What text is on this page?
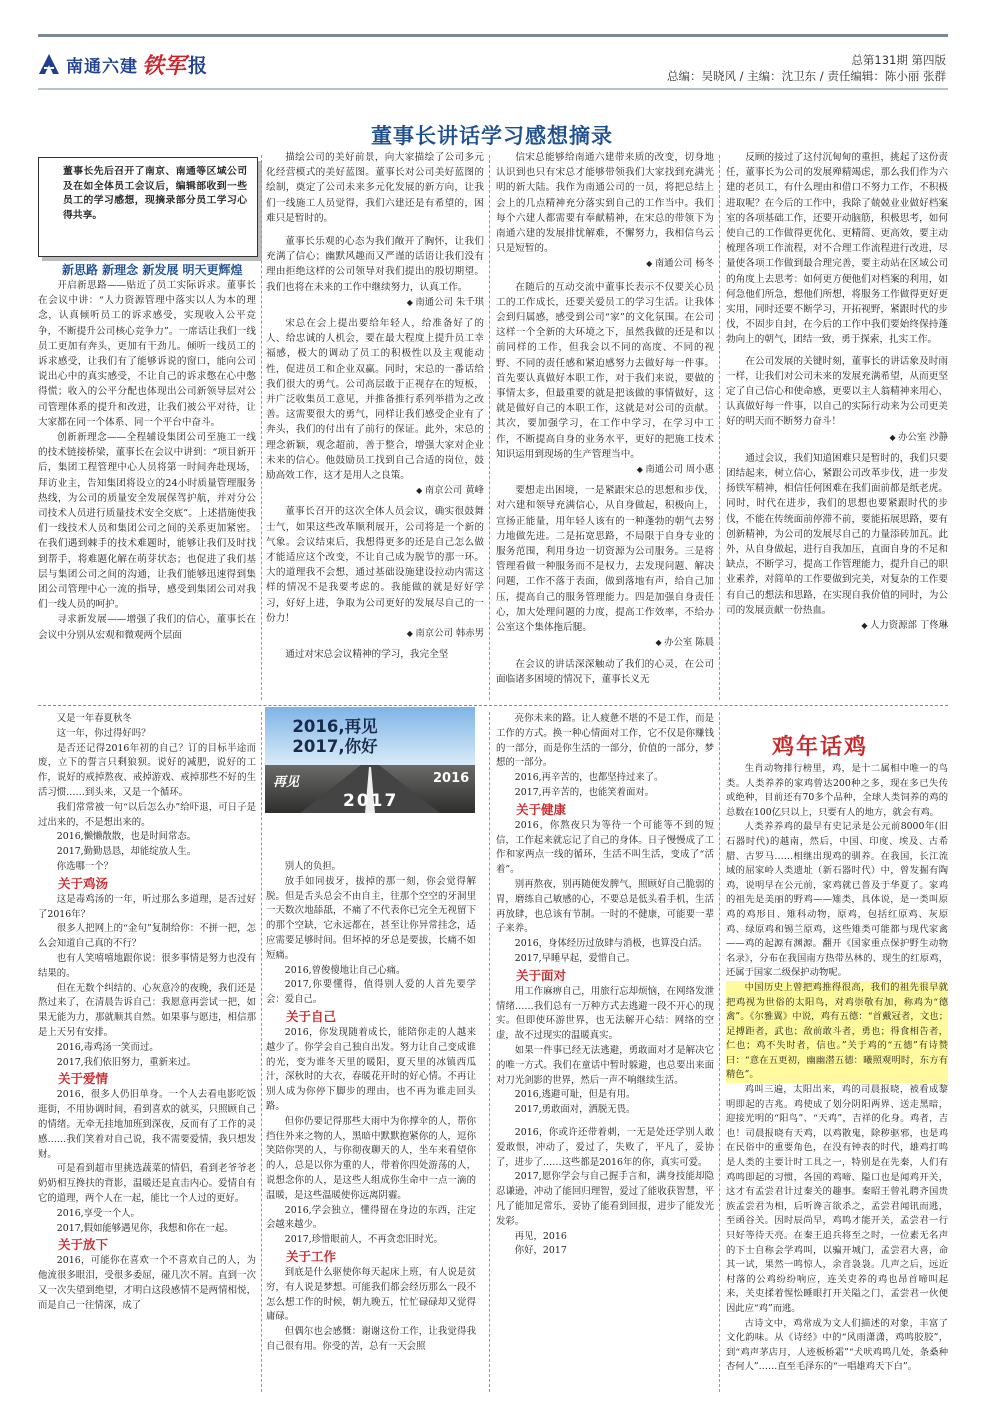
南通六建 铁军 报	总第131期 第四版
总编：吴晓风 / 主编：沈卫东 / 责任编辑：陈小丽 张群
董事长讲话学习感想摘录
董事长先后召开了南京、南通等区域公司及在如全体员工会议后，编辑部收到一些员工的学习感想，现摘录部分员工学习心得共享。

新思路 新理念 新发展 明天更辉煌

开启新思路——贴近了员工实际诉求。董事长在会议中讲：“人力资源管理中落实以人为本的理念，认真倾听员工的诉求感受，实现收入公平竞争，不断提升公司核心竞争力”。一席话让我们一线员工更加有奔头，更加有干劲儿。倾听一线员工的诉求感受，让我们有了能够诉说的窗口，能向公司说出心中的真实感受，不让自己的诉求憋在心中憋得慌；收入的公平分配也体现出公司新领导层对公司管理体系的提升和改进，让我们被公平对待，让大家都在同一个体系、同一个平台中奋斗。

创新新理念——全程辅设集团公司至施工一线的技术链接桥梁，董事长在会议中讲到：“项目新开后，集团工程管理中心人员将第一时间奔赴现场，拜访业主，告知集团将设立的24小时质量管理服务热线，为公司的质量安全发展保驾护航，并对分公司技术人员进行质量技术安全交底”。上述措施使我们一线技术人员和集团公司之间的关系更加紧密。在我们遇到棘手的技术难题时，能够让我们及时找到帮手，将难题化解在萌芽状态；也促进了我们基层与集团公司之间的沟通，让我们能够迅速得到集团公司管理中心一流的指导，感受到集团公司对我们一线人员的呵护。

寻求新发展——增强了我们的信心，董事长在会议中分别从宏观和微观两个层面

描绘公司的美好前景，向大家描绘了公司多元化经营模式的美好蓝图。董事长对公司美好蓝图的绘制，奠定了公司未来多元化发展的新方向，让我们一线施工人员觉得，我们六建还是有希望的，困难只是暂时的。

董事长乐观的心态为我们敞开了胸怀，让我们充满了信心；幽默风趣而又严谨的话语让我们没有理由拒绝这样的公司领导对我们提出的殷切期望。我们也将在未来的工作中继续努力，认真工作。

◆ 南通公司 朱千琪

宋总在会上提出要给年轻人，给准备好了的人、给忠诚的人机会，要在最大程度上提升员工幸福感，极大的调动了员工的积极性以及主观能动性，促进员工和企业双赢。同时，宋总的一番话给我们很大的勇气。公司高层敢于正视存在的短板，并广泛收集员工意见，并推备推行系列举措为之改善。这需要很大的勇气，同样让我们感受企业有了奔头，我们的付出有了前行的保证。此外，宋总的理念新颖，观念超前，善于整合，增强大家对企业未来的信心。他鼓励员工找到自己合适的岗位，鼓励高效工作，这才是用人之良策。

◆ 南京公司 黄峰

董事长召开的这次全体人员会议，确实很鼓舞士气，如果这些改革顺利展开，公司将是一个新的气象。会议结束后，我想得更多的还是自己怎么做才能适应这个改变，不让自己成为脱节的那一环。大的道理我不会想，通过基础设施建设拉动内需这样的情况不是我要考虑的。我能做的就是好好学习，好好上进，争取为公司更好的发展尽自己的一份力！

◆ 南京公司 韩赤男

通过对宋总会议精神的学习，我完全坚

信宋总能够给南通六建带来质的改变，切身地认识到也只有宋总才能够带领我们大家找到充满光明的新大陆。我作为南通公司的一员，将把总结上会上的几点精神充分落实到自己的工作当中。我们每个六建人都需要有奉献精神，在宋总的带领下为南通六建的发展排忧解难，不懈努力，我相信乌云只是短暂的。

◆ 南通公司 杨冬

在随后的互动交流中董事长表示不仅要关心员工的工作成长，还要关爱员工的学习生活。让我体会到归属感，感受到公司“家”的文化氛围。在公司这样一个全新的大环境之下，虽然我做的还是和以前同样的工作，但我会以不同的高度、不同的视野、不同的责任感和紧迫感努力去做好每一件事。首先要认真做好本职工作，对于我们来说，要做的事情太多，但最重要的就是把该做的事情做好，这就是做好自己的本职工作，这就是对公司的贡献。其次，要加强学习，在工作中学习，在学习中工作，不断提高自身的业务水平，更好的把施工技术知识运用到现场的生产管理当中。

◆ 南通公司 周小惠

要想走出困境，一是紧跟宋总的思想和步伐，对六建和领导充满信心，从自身做起，积极向上，宣扬正能量，用年轻人该有的一种蓬勃的朝气去努力地做先进。二是拓宽思路，不局限于自身专业的服务范围，利用身边一切资源为公司服务。三是将管理看做一种服务而不是权力，去发现问题、解决问题，工作不落于表面，做到落地有声，给自己加压，提高自己的服务管理能力。四是加强自身责任心，加大处理问题的力度，提高工作效率，不给办公室这个集体拖后腿。

◆ 办公室 陈晨

在会议的讲话深深触动了我们的心灵，在公司面临诸多困境的情况下，董事长义无

反顾的接过了这付沉甸甸的重担，挑起了这份责任，董事长为公司的发展殚精竭虑，那么我们作为六建的老员工，有什么理由和借口不努力工作，不积极进取呢？在今后的工作中，我除了兢兢业业做好档案室的各项基础工作，还要开动脑筋，积极思考，如何使自己的工作做得更优化、更精简、更高效，要主动梳理各项工作流程，对不合理工作流程进行改进，尽量使各项工作做到最合理完善，要主动站在区域公司的角度上去思考：如何更方便他们对档案的利用，如何急他们所急，想他们所想，将服务工作做得更好更实用，同时还要不断学习，开拓视野，紧跟时代的步伐，不固步自封，在今后的工作中我们要始终保持蓬勃向上的朝气，团结一致，勇于探索，扎实工作。

在公司发展的关键时刻，董事长的讲话象及时雨一样，让我们对公司未来的发展充满希望，从而更坚定了自己信心和使命感，更要以主人翁精神来用心、认真做好每一件事，以自己的实际行动来为公司更美好的明天而不断努力奋斗！

◆ 办公室 沙静

通过会议，我们知道困难只是暂时的，我们只要团结起来，树立信心，紧跟公司改革步伐，进一步发扬铁军精神，相信任何困难在我们面前都是纸老虎。同时，时代在进步，我们的思想也要紧跟时代的步伐，不能在传统面前停滞不前，要能拓展思路，要有创新精神，为公司的发展尽自己的力量添砖加瓦。此外，从自身做起，进行自我加压，直面自身的不足和缺点，不断学习，提高工作管理能力，提升自己的职业素养，对简单的工作要做到完美，对复杂的工作要有自己的想法和思路，在实现自我价值的同时，为公司的发展贡献一份热血。

◆ 人力资源部 丁佟琳

又是一年春夏秋冬

这一年，你过得好吗？

是否还记得2016年初的自己？订的目标半途而废，立下的誓言只剩狼狈。说好的减肥，说好的工作，说好的戒掉熬夜、戒掉游戏、戒掉那些不好的生活习惯……到头来，又是一个循环。

我们常常被一句“以后怎么办”给吓退，可日子是过出来的，不是想出来的。

2016,懒懒散散，也是时间常态。

2017,勤勤恳恳，却能绽放人生。

你选哪一个？

关于鸡汤

这是毒鸡汤的一年，听过那么多道理，是否过好了2016年？

很多人把网上的“金句”复制给你：不拼一把，怎么会知道自己真的不行？

也有人笑嘻嘻地跟你说：很多事情是努力也没有结果的。

但在无数个纠结的、心灰意冷的夜晚，我们还是熬过来了，在清晨告诉自己：我愿意再尝试一把，如果无能为力，那就顺其自然。如果事与愿违，相信那是上天另有安排。

2016,毒鸡汤一笑而过。

2017,我们依旧努力，重新来过。

关于爱情

2016，很多人仍旧单身。一个人去看电影吃饭逛街，不用协调时间，看到喜欢的就买，只照顾自己的情绪。无牵无挂地加班到深夜，反而有了工作的灵感……我们笑着对自己说，我不需要爱情，我只想发财。

可是看到超市里挑选蔬菜的情侣，看到老爷爷老奶奶相互搀扶的背影，温暖还是直击内心。爱情自有它的道理，两个人在一起，能比一个人过的更好。

2016,享受一个人。

2017,假如能够遇见你，我想和你在一起。

关于放下

2016，可能你在喜欢一个不喜欢自己的人，为他流很多眼泪，受很多委屈，碰几次不屑。直到一次又一次失望到绝望，才明白这段感情不是两情相悦，而是自己一往情深，成了

2016,再见
2017,你好
再见
2017
2016

别人的负担。

放手如同拔牙，拔掉的那一刻，你会觉得解脱。但是舌头总会不由自主，往那个空空的牙洞里一天数次地舔舐，不痛了不代表你已完全无视留下的那个空缺，它永远都在，甚至让你异常挂念，适应需要足够时间。但坏掉的牙总是要拔，长痛不如短痛。

2016,曾俊傻地让自己心痛。

2017,你要懂得，值得别人爱的人首先要学会：爱自己。

关于自己

2016，你发现随着成长，能陪你走的人越来越少了。你学会自己独自出发。努力让自己变成谁的光，变为谁冬天里的暖阳，夏天里的冰镇西瓜汁，深秋时的大衣，春暖花开时的好心情。不再让别人成为你停下脚步的理由，也不再为谁走回头路。

但你仍要记得那些大雨中为你撑伞的人，帮你挡住外来之物的人，黑暗中默默抱紧你的人，逗你笑陪你哭的人，与你彻夜聊天的人，坐车来看望你的人，总是以你为重的人，带着你四处游荡的人，说想念你的人，是这些人组成你生命中一点一滴的温暖，是这些温暖使你远离阴霾。

2016,学会独立，懂得留在身边的东西，注定会越来越少。

2017,珍惜眼前人，不再贪恋旧时光。

关于工作

到底是什么驱使你每天起床上班，有人说是贫穷，有人说是梦想。可能我们都会经历那么一段不怎么想工作的时候，朝九晚五，忙忙碌碌却又觉得庸碌。

但偶尔也会感慨：谢谢这份工作，让我觉得我自己很有用。你受的苦，总有一天会照

亮你未来的路。让人疲惫不堪的不是工作，而是工作的方式。换一种心情面对工作，它不仅是你赚钱的一部分，而是你生活的一部分，价值的一部分，梦想的一部分。

2016,再辛苦的，也都坚持过来了。

2017,再辛苦的，也能笑着面对。

关于健康

2016，你熬夜只为等待一个可能等不到的短信，工作起来就忘记了自己的身体。日子慢慢成了工作和家两点一线的循环，生活不叫生活，变成了“活着”。

别再熬夜，别再随便发脾气，照顾好自己脆弱的胃，磨练自己敏感的心，不要总是低头看手机，生活再放肆，也总该有节制。一时的不健康，可能要一辈子来养。

2016，身体经历过放肆与消极，也算没白活。

2017,早睡早起，爱惜自己。

关于面对

用工作麻痹自己，用旅行忘却烦恼，在网络发泄情绪……我们总有一万种方式去逃避一段不开心的现实。但即使环游世界，也无法解开心结：网络的空虚，故不过现实的温暖真实。

如果一件事已经无法逃避，勇敢面对才是解决它的唯一方式。我们在童话中暂时躲避，也总要出来面对刀光剑影的世界，然后一声不响继续生活。

2016,逃避可耻，但是有用。

2017,勇敢面对，洒脱无畏。

2016，你或许还带着刺，一无是处还学别人敢爱敢恨，冲动了，爱过了，失败了，平凡了，妥协了，进步了……这些都是2016年的你，真实可爱。

2017,愿你学会与自己握手言和，满身技能却隐忍谦逊，冲动了能回归理智，爱过了能收获智慧，平凡了能加足常乐，妥协了能看到回报，进步了能发光发彩。

再见，2016

你好，2017

鸡年话鸡

生肖动物排行榜里，鸡，是十二属相中唯一的鸟类。人类养养的家鸡曾达200种之多，现在多已失传或绝种，目前还有70多个品种，全球人类饲养的鸡的总数在100亿只以上，只要有人的地方，就会有鸡。

人类养养鸡的最早有史记录是公元前8000年(旧石器时代)的越南，然后，中国、印度、埃及、古希腊、古罗马……相继出现鸡的驯养。在我国，长江流域的屈家岭人类遗址（新石器时代）中，曾发掘有陶鸡，说明早在公元前，家鸡就已普及于华夏了。家鸡的祖先是美丽的野鸡——雉类，具体说，是一类叫原鸡的鸡形目、雉科动物，原鸡，包括红原鸡、灰原鸡、绿原鸡和锡兰原鸡，这些雉类可能都与现代家禽——鸡的起源有渊源。翻开《国家重点保护野生动物名录》，分布在我国南方热带丛林的、现生的红原鸡，还属于国家二级保护动物呢。

中国历史上曾把鸡推得很高，我们的祖先很早就把鸡视为世俗的太阳鸟，对鸡崇敬有加，称鸡为“德禽”。《尔雅翼》中说，鸡有五德：“首戴冠者，文也；足搏距者，武也；敌前敢斗者，勇也；得食相告者，仁也；鸡不失时者，信也。”关于鸡的“五德”有诗赞曰：“意在五更初，幽幽潜五德：曦照观明时，东方有精色”。

鸡叫三遍，太阳出来，鸡的司晨报晓，被看成黎明即起的吉兆。鸡使成了划分阴阳两界、送走黑暗，迎接光明的“阳鸟”、“天鸡”，吉祥的化身。鸡者，吉也！司晨报晓有天鸡，以鸡散鬼，除秽驱邪，也是鸡在民俗中的重要角色，在没有钟表的时代，雄鸡打鸣是人类的主要计时工具之一，特别是在先秦，人们有鸡鸣即起的习惯，各国的鸡啼、隘口也是闻鸡开关，这才有孟尝君计过秦关的趣事。秦昭王曾礼聘齐国贵族孟尝君为相，后听谗言欲杀之，孟尝君闻讯而逃，至函谷关。因时辰尚早，鸡鸣才能开关，孟尝君一行只好等待天亮。在秦王追兵将至之时，一位素无名声的下士自称会学鸡叫，以骗开城门，孟尝君大喜，命其一试，果然一鸣惊人，余音袅袅。几声之后，远近村落的公鸡纷纷响应，连关吏养的鸡也昂首啼叫起来，关吏揉着惺忪睡眼打开关隘之门，孟尝君一伙便因此应“鸡”而逃。

古诗文中，鸡常成为文人们描述的对象，丰富了文化韵味。从《诗经》中的“风雨潇潇，鸡鸣胶胶”，到“鸡声茅店月，人迹板桥霜”“犬吠鸡鸣几处，条桑种杏何人”……直至毛泽东的“一唱雄鸡天下白”。
